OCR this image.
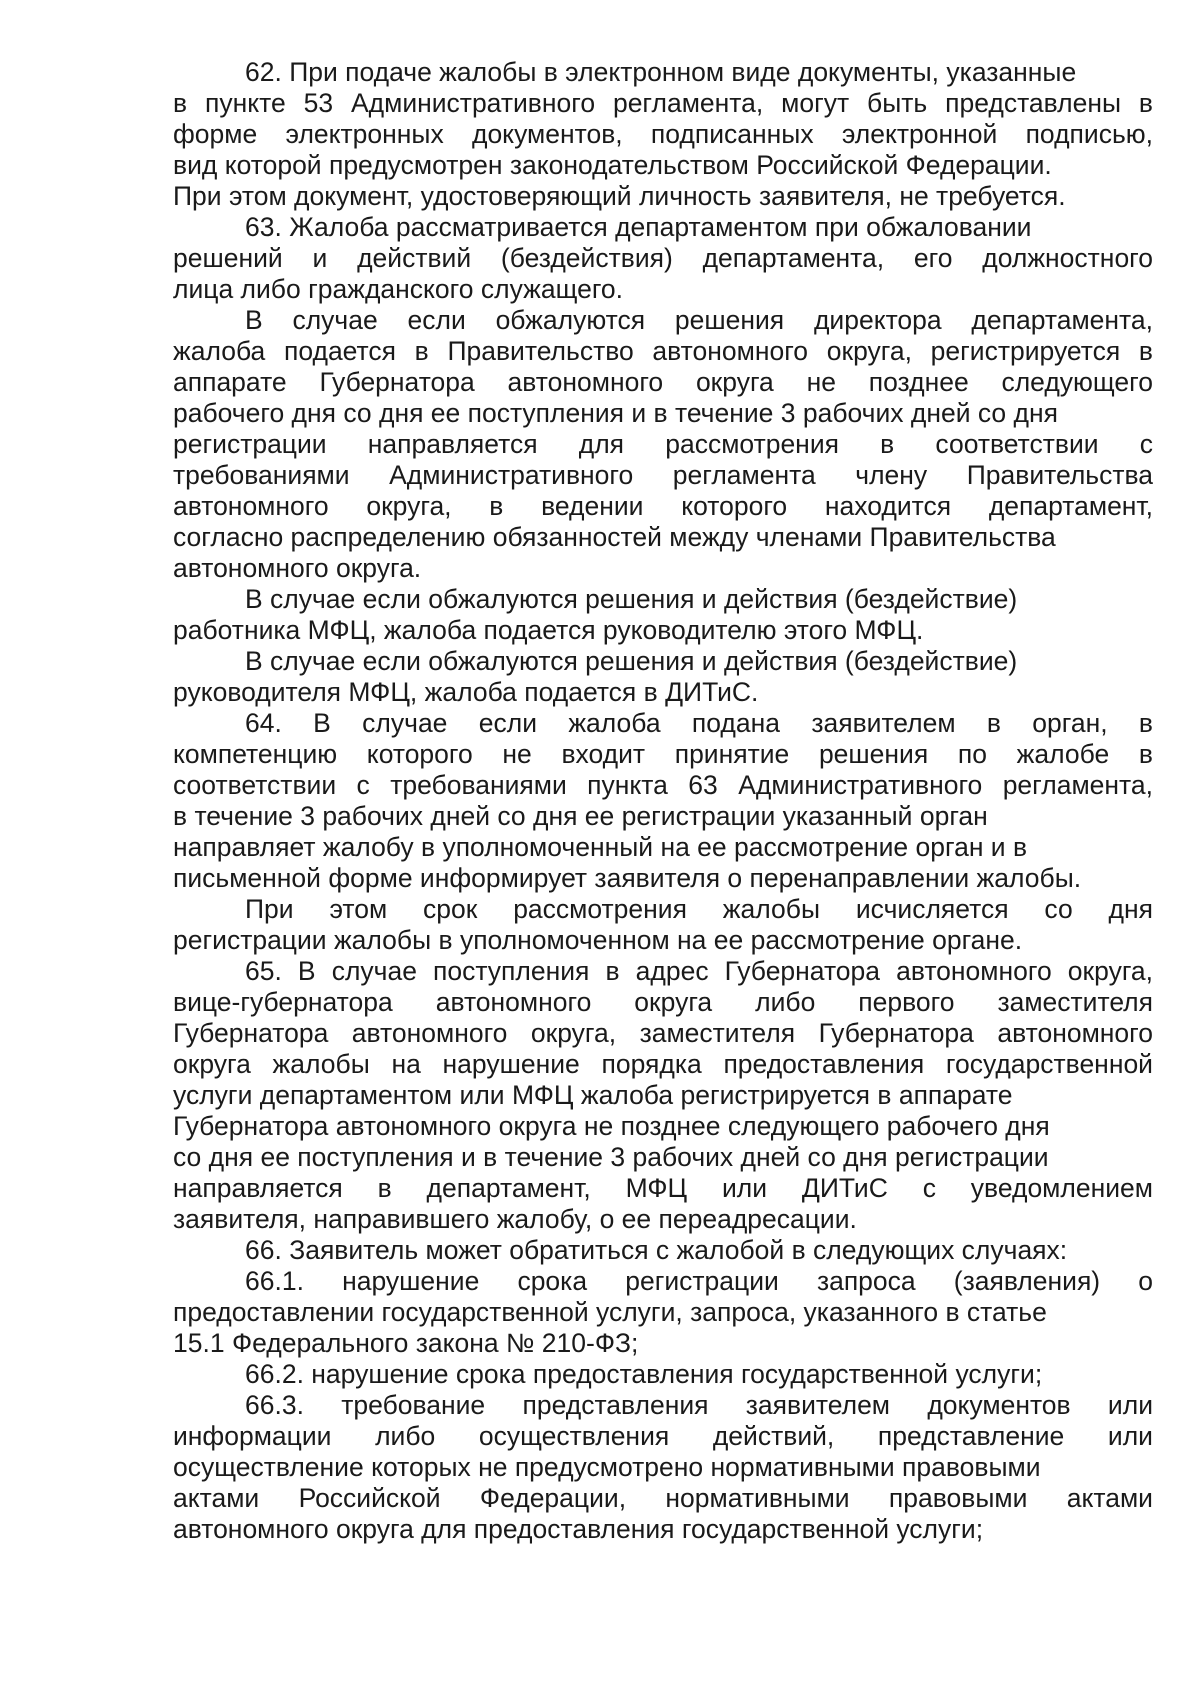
62. При подаче жалобы в электронном виде документы, указанные
в пункте 53 Административного регламента, могут быть представлены в
форме электронных документов, подписанных электронной подписью,
вид которой предусмотрен законодательством Российской Федерации.
При этом документ, удостоверяющий личность заявителя, не требуется.

63. Жалоба рассматривается департаментом при обжаловании
решений и действий (бездействия) департамента, его должностного
лица либо гражданского служащего.

В случае если обжалуются решения директора департамента,
жалоба подается в Правительство автономного округа, регистрируется в
аппарате Губернатора автономного округа не позднее следующего
рабочего дня со дня ее поступления и в течение 3 рабочих дней со дня
регистрации направляется для рассмотрения в соответствии с
требованиями Административного регламента члену Правительства
автономного округа, в ведении которого находится департамент,
согласно распределению обязанностей между членами Правительства
автономного округа.

В случае если обжалуются решения и действия (бездействие)
работника МФЦ, жалоба подается руководителю этого МФЦ.

В случае если обжалуются решения и действия (бездействие)
руководителя МФЦ, жалоба подается в ДИТиС.

64. В случае если жалоба подана заявителем в орган, в
компетенцию которого не входит принятие решения по жалобе в
соответствии с требованиями пункта 63 Административного регламента,
в течение 3 рабочих дней со дня ее регистрации указанный орган
направляет жалобу в уполномоченный на ее рассмотрение орган и в
письменной форме информирует заявителя о перенаправлении жалобы.

При этом срок рассмотрения жалобы исчисляется со дня
регистрации жалобы в уполномоченном на ее рассмотрение органе.

65. В случае поступления в адрес Губернатора автономного округа,
вице-губернатора автономного округа либо первого заместителя
Губернатора автономного округа, заместителя Губернатора автономного
округа жалобы на нарушение порядка предоставления государственной
услуги департаментом или МФЦ жалоба регистрируется в аппарате
Губернатора автономного округа не позднее следующего рабочего дня
со дня ее поступления и в течение 3 рабочих дней со дня регистрации
направляется в департамент, МФЦ или ДИТиС с уведомлением
заявителя, направившего жалобу, о ее переадресации.

66. Заявитель может обратиться с жалобой в следующих случаях:

66.1. нарушение срока регистрации запроса (заявления) о
предоставлении государственной услуги, запроса, указанного в статье
15.1 Федерального закона № 210-ФЗ;

66.2. нарушение срока предоставления государственной услуги;

66.3. требование представления заявителем документов или
информации либо осуществления действий, представление или
осуществление которых не предусмотрено нормативными правовыми
актами Российской Федерации, нормативными правовыми актами
автономного округа для предоставления государственной услуги;
